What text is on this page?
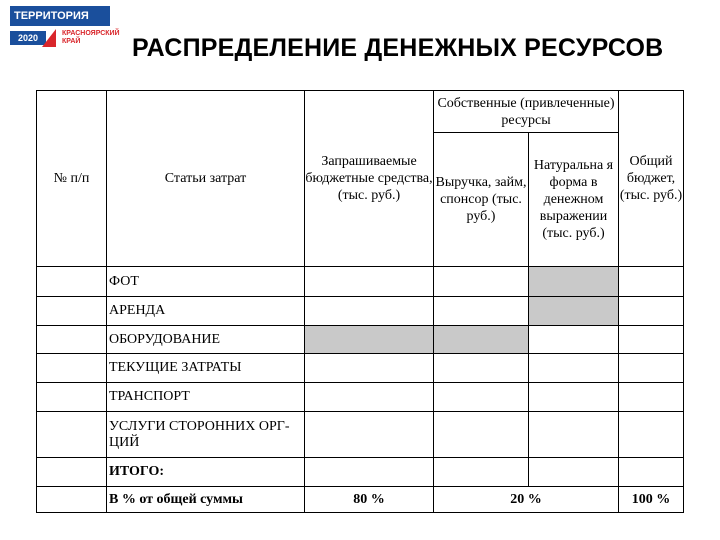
ТЕРРИТОРИЯ
2020	КРАСНОЯРСКИЙ
КРАЙ	РАСПРЕДЕЛЕНИЕ ДЕНЕЖНЫХ РЕСУРСОВ
№ п/п	Статьи затрат	Запрашиваемые бюджетные средства, (тыс. руб.)	Собственные (привлеченные) ресурсы		Общий бюджет, (тыс. руб.)
			Выручка, займ, спонсор (тыс. руб.)	Натуральна я форма в денежном выражении (тыс. руб.)	
	ФОТ				
	АРЕНДА				
	ОБОРУДОВАНИЕ				
	ТЕКУЩИЕ ЗАТРАТЫ				
	ТРАНСПОРТ				
	УСЛУГИ СТОРОННИХ ОРГ-ЦИЙ				
	ИТОГО:				
	В % от общей суммы	80 %	20 %		100 %
